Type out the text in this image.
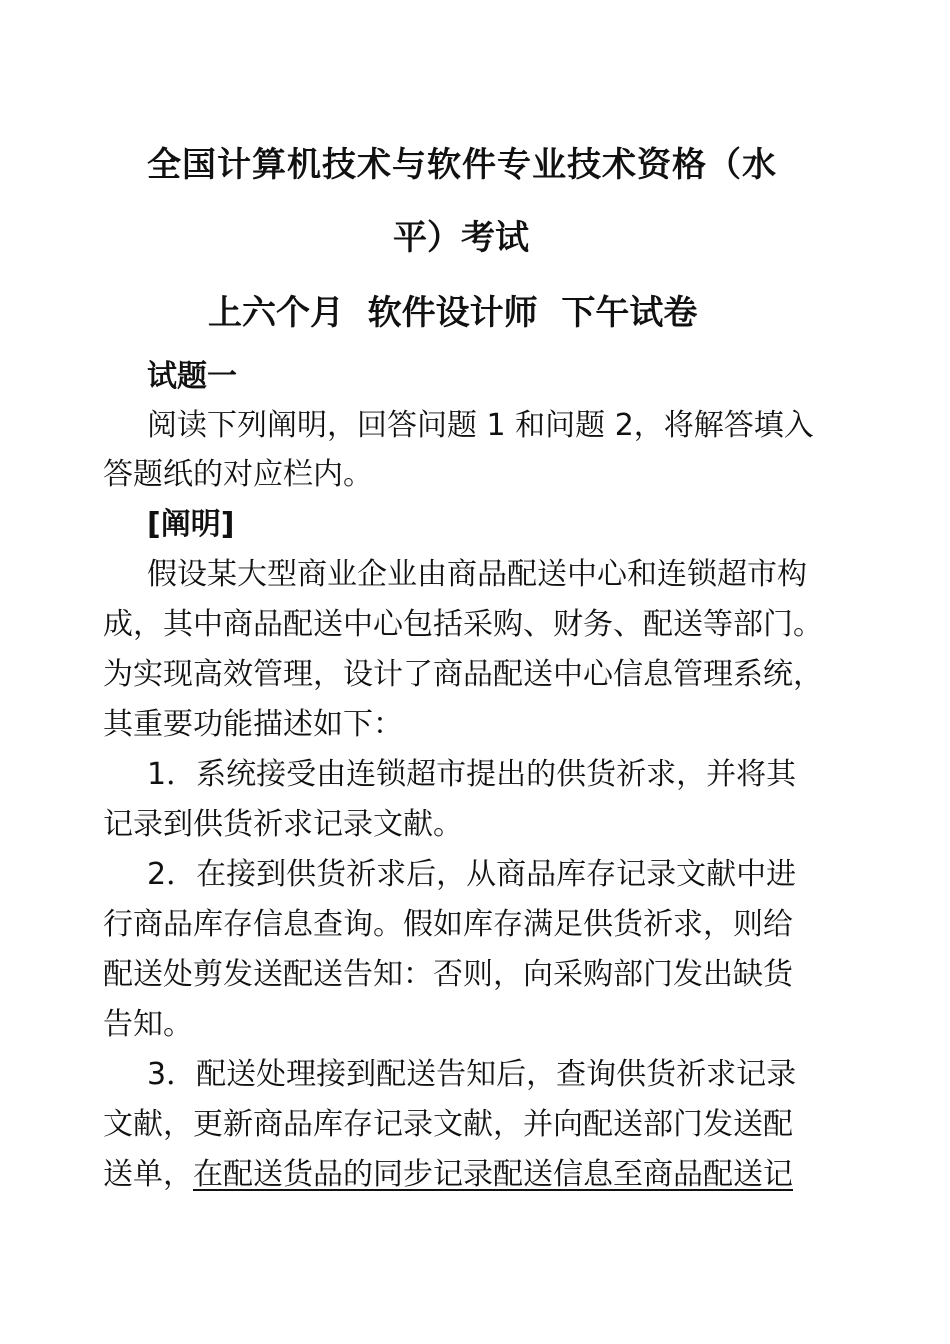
全国计算机技术与软件专业技术资格（水
平）考试
上六个月  软件设计师  下午试卷
试题一
阅读下列阐明，回答问题 1 和问题 2，将解答填入
答题纸的对应栏内。
[阐明]
假设某大型商业企业由商品配送中心和连锁超市构
成，其中商品配送中心包括采购、财务、配送等部门。
为实现高效管理，设计了商品配送中心信息管理系统，
其重要功能描述如下：
1．系统接受由连锁超市提出的供货祈求，并将其
记录到供货祈求记录文献。
2．在接到供货祈求后，从商品库存记录文献中进
行商品库存信息查询。假如库存满足供货祈求，则给
配送处剪发送配送告知：否则，向采购部门发出缺货
告知。
3．配送处理接到配送告知后，查询供货祈求记录
文献，更新商品库存记录文献，并向配送部门发送配
送单，在配送货品的同步记录配送信息至商品配送记
